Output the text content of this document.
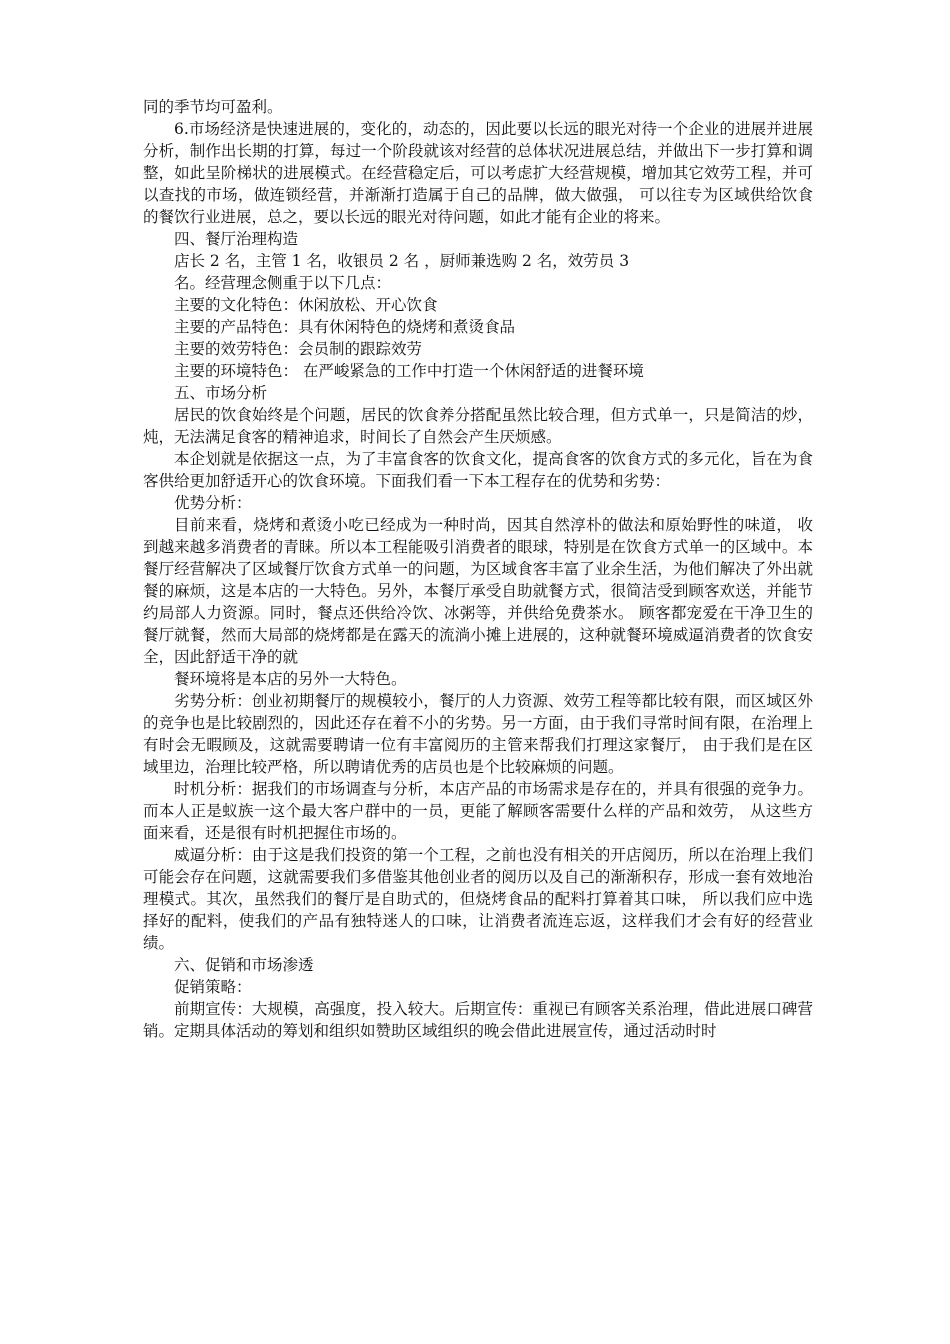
同的季节均可盈利。

6.市场经济是快速进展的，变化的，动态的，因此要以长远的眼光对待一个企业的进展并进展分析，制作出长期的打算，每过一个阶段就该对经营的总体状况进展总结，并做出下一步打算和调整，如此呈阶梯状的进展模式。在经营稳定后，可以考虑扩大经营规模，增加其它效劳工程，并可以查找的市场，做连锁经营，并渐渐打造属于自己的品牌，做大做强， 可以往专为区域供给饮食的餐饮行业进展，总之，要以长远的眼光对待问题，如此才能有企业的将来。

四、餐厅治理构造

店长 2 名，主管 1 名，收银员 2 名 ，厨师兼选购 2 名，效劳员 3

名。经营理念侧重于以下几点：

主要的文化特色：休闲放松、开心饮食

主要的产品特色：具有休闲特色的烧烤和煮烫食品

主要的效劳特色：会员制的跟踪效劳

主要的环境特色： 在严峻紧急的工作中打造一个休闲舒适的进餐环境

五、市场分析

居民的饮食始终是个问题，居民的饮食养分搭配虽然比较合理，但方式单一，只是简洁的炒，炖，无法满足食客的精神追求，时间长了自然会产生厌烦感。

本企划就是依据这一点，为了丰富食客的饮食文化，提高食客的饮食方式的多元化，旨在为食客供给更加舒适开心的饮食环境。下面我们看一下本工程存在的优势和劣势：

优势分析：

目前来看，烧烤和煮烫小吃已经成为一种时尚，因其自然淳朴的做法和原始野性的味道， 收到越来越多消费者的青睐。所以本工程能吸引消费者的眼球，特别是在饮食方式单一的区域中。本餐厅经营解决了区域餐厅饮食方式单一的问题，为区域食客丰富了业余生活，为他们解决了外出就餐的麻烦，这是本店的一大特色。另外，本餐厅承受自助就餐方式，很简洁受到顾客欢送，并能节约局部人力资源。同时，餐点还供给冷饮、冰粥等，并供给免费茶水。 顾客都宠爱在干净卫生的餐厅就餐，然而大局部的烧烤都是在露天的流淌小摊上进展的，这种就餐环境威逼消费者的饮食安全，因此舒适干净的就

餐环境将是本店的另外一大特色。

劣势分析：创业初期餐厅的规模较小，餐厅的人力资源、效劳工程等都比较有限，而区域区外的竞争也是比较剧烈的，因此还存在着不小的劣势。另一方面，由于我们寻常时间有限，在治理上有时会无暇顾及，这就需要聘请一位有丰富阅历的主管来帮我们打理这家餐厅， 由于我们是在区域里边，治理比较严格，所以聘请优秀的店员也是个比较麻烦的问题。

时机分析：据我们的市场调查与分析，本店产品的市场需求是存在的，并具有很强的竞争力。而本人正是蚁族一这个最大客户群中的一员，更能了解顾客需要什么样的产品和效劳， 从这些方面来看，还是很有时机把握住市场的。

威逼分析：由于这是我们投资的第一个工程，之前也没有相关的开店阅历，所以在治理上我们可能会存在问题，这就需要我们多借鉴其他创业者的阅历以及自己的渐渐积存，形成一套有效地治理模式。其次，虽然我们的餐厅是自助式的，但烧烤食品的配料打算着其口味， 所以我们应中选择好的配料，使我们的产品有独特迷人的口味，让消费者流连忘返，这样我们才会有好的经营业绩。

六、促销和市场渗透

促销策略：

前期宣传：大规模，高强度，投入较大。后期宣传：重视已有顾客关系治理，借此进展口碑营销。定期具体活动的筹划和组织如赞助区域组织的晚会借此进展宣传，通过活动时时
